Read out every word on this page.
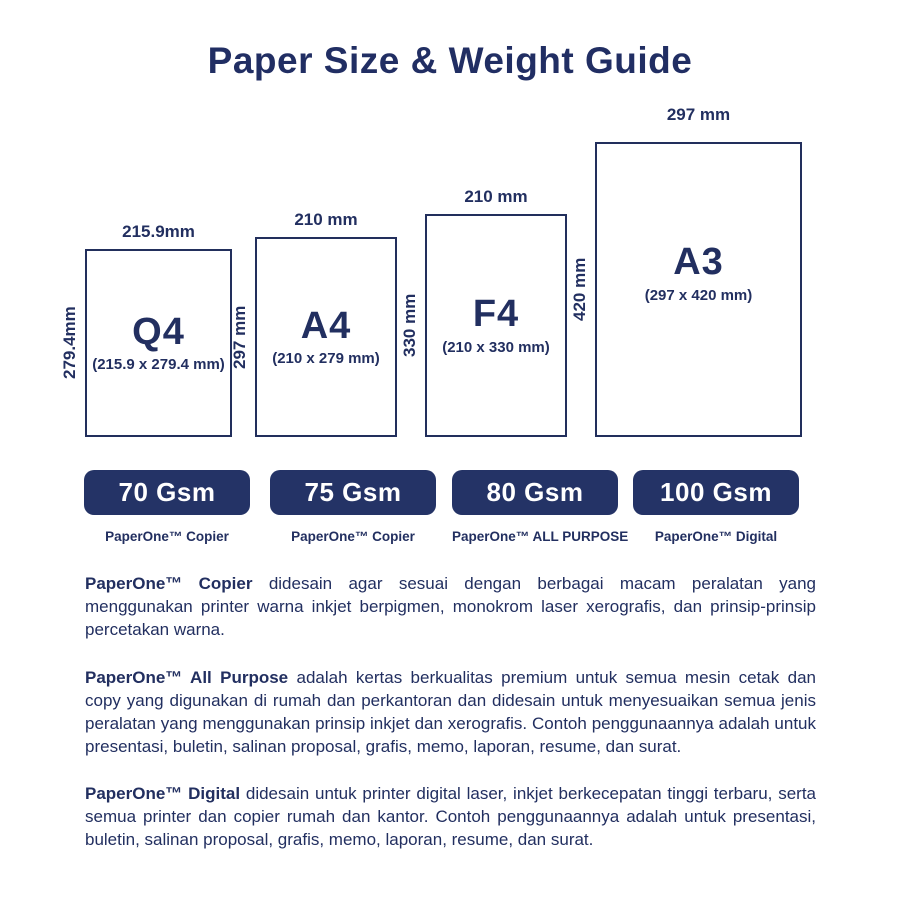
Paper Size & Weight Guide
215.9mm
279.4mm	Q4
(215.9 x 279.4 mm)
210 mm
297 mm	A4
(210 x 279 mm)
210 mm
330 mm	F4
(210 x 330 mm)
297 mm
420 mm	A3
(297 x 420 mm)
70 Gsm
PaperOne™ Copier
75 Gsm
PaperOne™ Copier
80 Gsm
PaperOne™ ALL PURPOSE
100 Gsm
PaperOne™ Digital

PaperOne™ Copier didesain agar sesuai dengan berbagai macam peralatan yang menggunakan printer warna inkjet berpigmen, monokrom laser xerografis, dan prinsip-prinsip percetakan warna.

PaperOne™ All Purpose adalah kertas berkualitas premium untuk semua mesin cetak dan copy yang digunakan di rumah dan perkantoran dan didesain untuk menyesuaikan semua jenis peralatan yang menggunakan prinsip inkjet dan xerografis. Contoh penggunaannya adalah untuk presentasi, buletin, salinan proposal, grafis, memo, laporan, resume, dan surat.

PaperOne™ Digital didesain untuk printer digital laser, inkjet berkecepatan tinggi terbaru, serta semua printer dan copier rumah dan kantor. Contoh penggunaannya adalah untuk presentasi, buletin, salinan proposal, grafis, memo, laporan, resume, dan surat.
